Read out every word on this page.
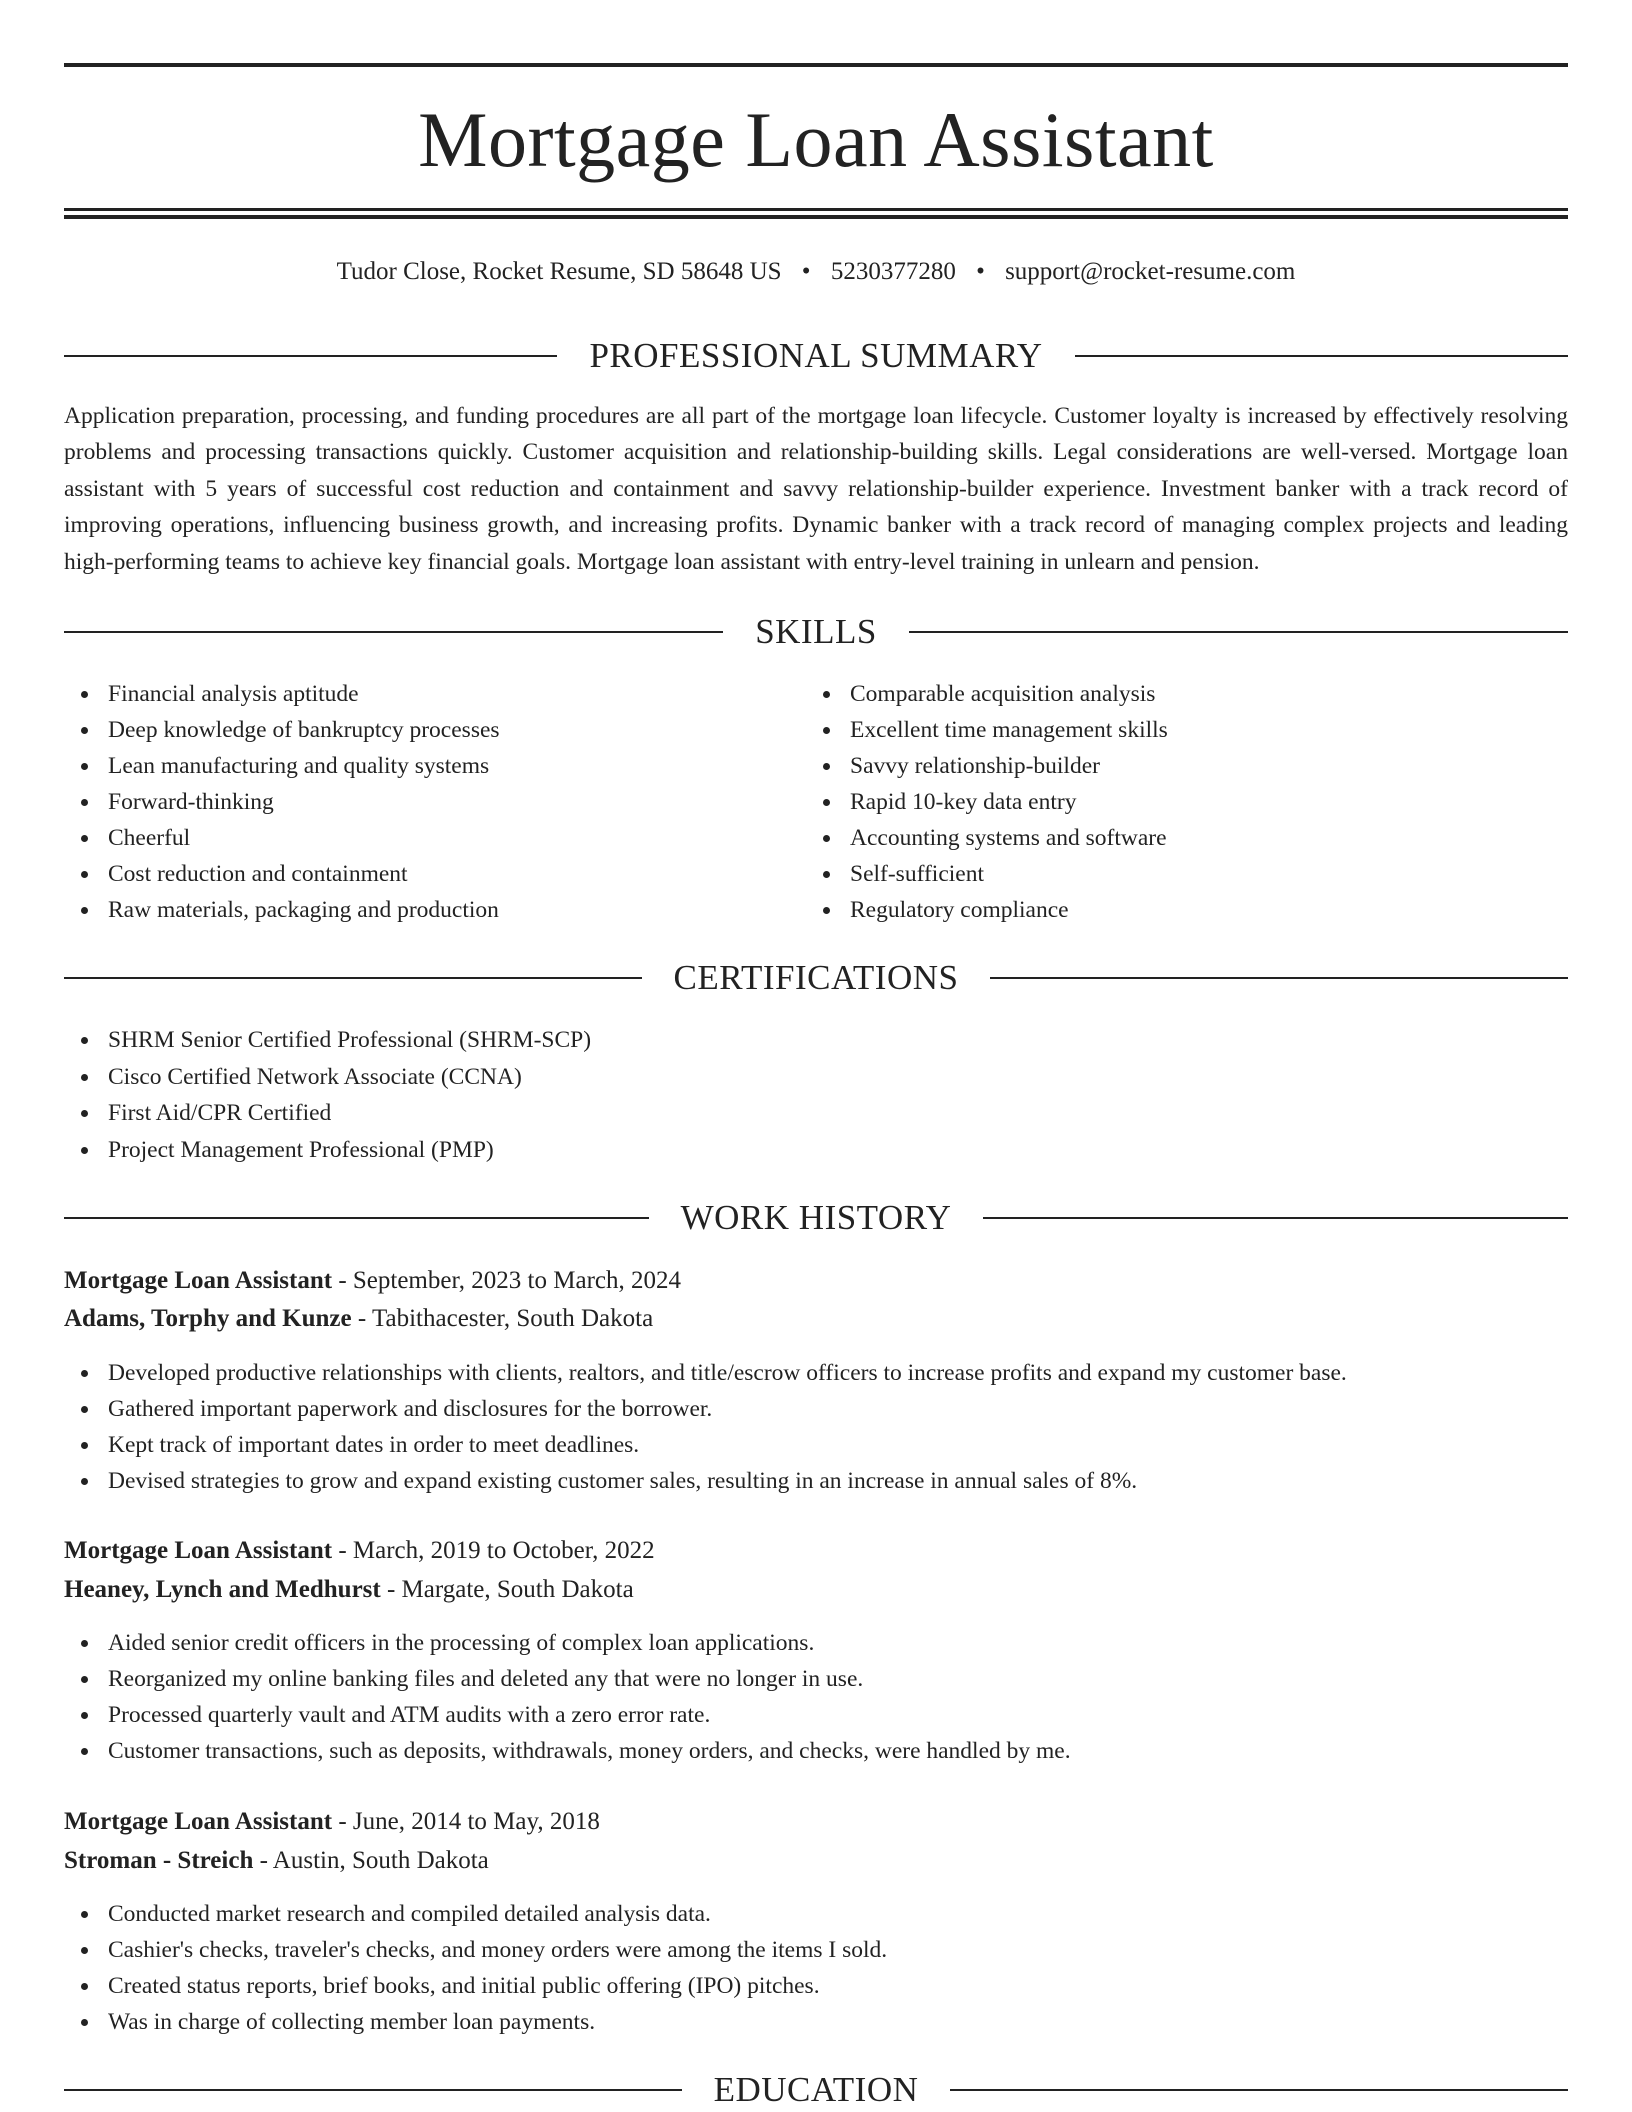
Mortgage Loan Assistant
Tudor Close, Rocket Resume, SD 58648 US • 5230377280 • support@rocket-resume.com
PROFESSIONAL SUMMARY

Application preparation, processing, and funding procedures are all part of the mortgage loan lifecycle. Customer loyalty is increased by effectively resolving problems and processing transactions quickly. Customer acquisition and relationship-building skills. Legal considerations are well-versed. Mortgage loan assistant with 5 years of successful cost reduction and containment and savvy relationship-builder experience. Investment banker with a track record of improving operations, influencing business growth, and increasing profits. Dynamic banker with a track record of managing complex projects and leading high-performing teams to achieve key financial goals. Mortgage loan assistant with entry-level training in unlearn and pension.

SKILLS
Financial analysis aptitude
Deep knowledge of bankruptcy processes
Lean manufacturing and quality systems
Forward-thinking
Cheerful
Cost reduction and containment
Raw materials, packaging and production
Comparable acquisition analysis
Excellent time management skills
Savvy relationship-builder
Rapid 10-key data entry
Accounting systems and software
Self-sufficient
Regulatory compliance
CERTIFICATIONS
SHRM Senior Certified Professional (SHRM-SCP)
Cisco Certified Network Associate (CCNA)
First Aid/CPR Certified
Project Management Professional (PMP)
WORK HISTORY
Mortgage Loan Assistant - September, 2023 to March, 2024
Adams, Torphy and Kunze - Tabithacester, South Dakota
Developed productive relationships with clients, realtors, and title/escrow officers to increase profits and expand my customer base.
Gathered important paperwork and disclosures for the borrower.
Kept track of important dates in order to meet deadlines.
Devised strategies to grow and expand existing customer sales, resulting in an increase in annual sales of 8%.
Mortgage Loan Assistant - March, 2019 to October, 2022
Heaney, Lynch and Medhurst - Margate, South Dakota
Aided senior credit officers in the processing of complex loan applications.
Reorganized my online banking files and deleted any that were no longer in use.
Processed quarterly vault and ATM audits with a zero error rate.
Customer transactions, such as deposits, withdrawals, money orders, and checks, were handled by me.
Mortgage Loan Assistant - June, 2014 to May, 2018
Stroman - Streich - Austin, South Dakota
Conducted market research and compiled detailed analysis data.
Cashier's checks, traveler's checks, and money orders were among the items I sold.
Created status reports, brief books, and initial public offering (IPO) pitches.
Was in charge of collecting member loan payments.
EDUCATION
